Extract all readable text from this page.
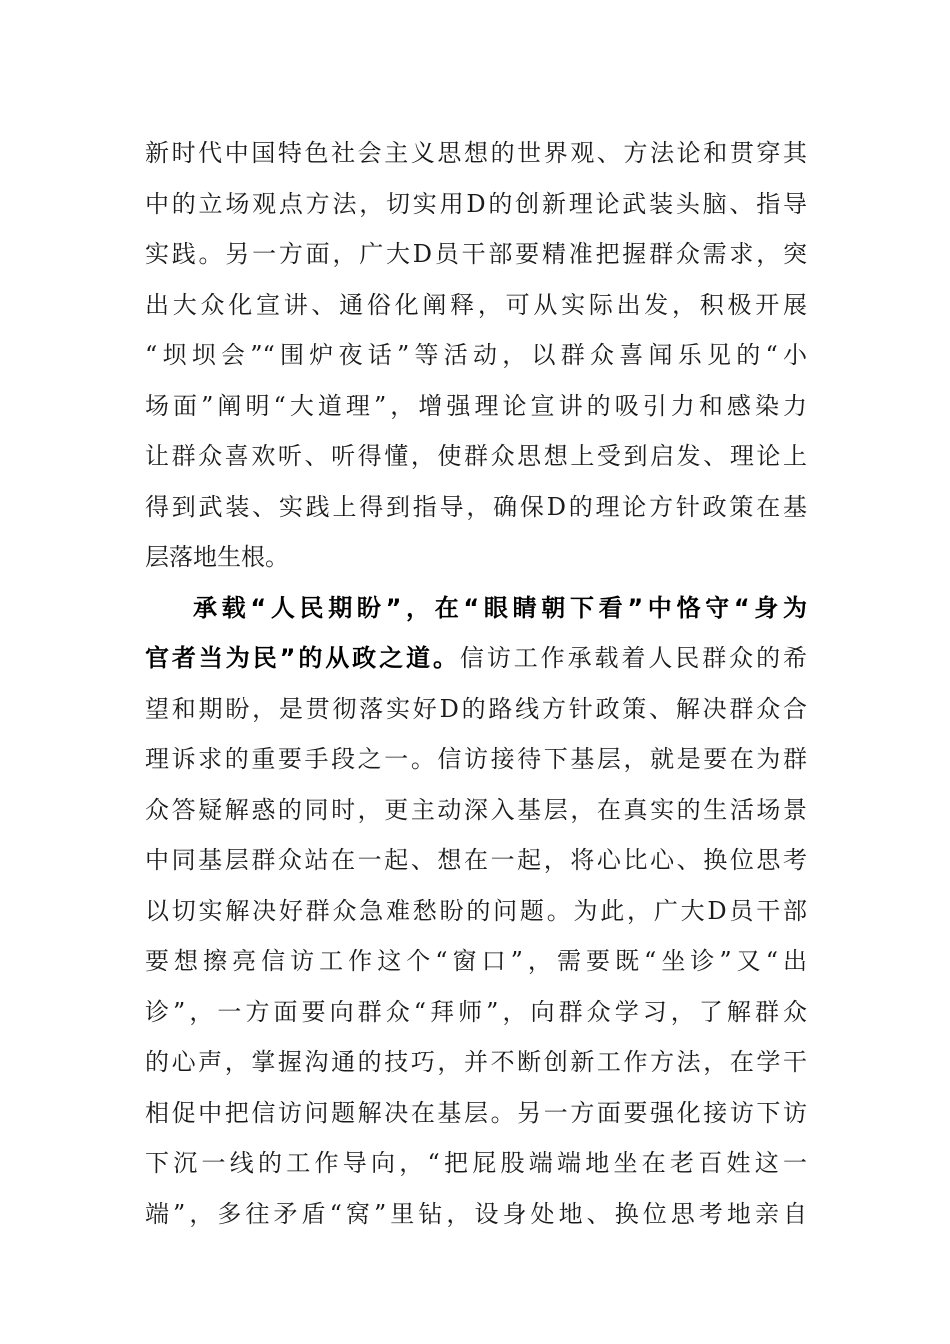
新时代中国特色社会主义思想的世界观、方法论和贯穿其
中的立场观点方法，切实用D的创新理论武装头脑、指导
实践。另一方面，广大D员干部要精准把握群众需求，突
出大众化宣讲、通俗化阐释，可从实际出发，积极开展
“坝坝会”“围炉夜话”等活动，以群众喜闻乐见的“小
场面”阐明“大道理”，增强理论宣讲的吸引力和感染力
让群众喜欢听、听得懂，使群众思想上受到启发、理论上
得到武装、实践上得到指导，确保D的理论方针政策在基
层落地生根。
承载“人民期盼”，在“眼睛朝下看”中恪守“身为
官者当为民”的从政之道。信访工作承载着人民群众的希
望和期盼，是贯彻落实好D的路线方针政策、解决群众合
理诉求的重要手段之一。信访接待下基层，就是要在为群
众答疑解惑的同时，更主动深入基层，在真实的生活场景
中同基层群众站在一起、想在一起，将心比心、换位思考
以切实解决好群众急难愁盼的问题。为此，广大D员干部
要想擦亮信访工作这个“窗口”，需要既“坐诊”又“出
诊”，一方面要向群众“拜师”，向群众学习，了解群众
的心声，掌握沟通的技巧，并不断创新工作方法，在学干
相促中把信访问题解决在基层。另一方面要强化接访下访
下沉一线的工作导向，“把屁股端端地坐在老百姓这一
端”，多往矛盾“窝”里钻，设身处地、换位思考地亲自
